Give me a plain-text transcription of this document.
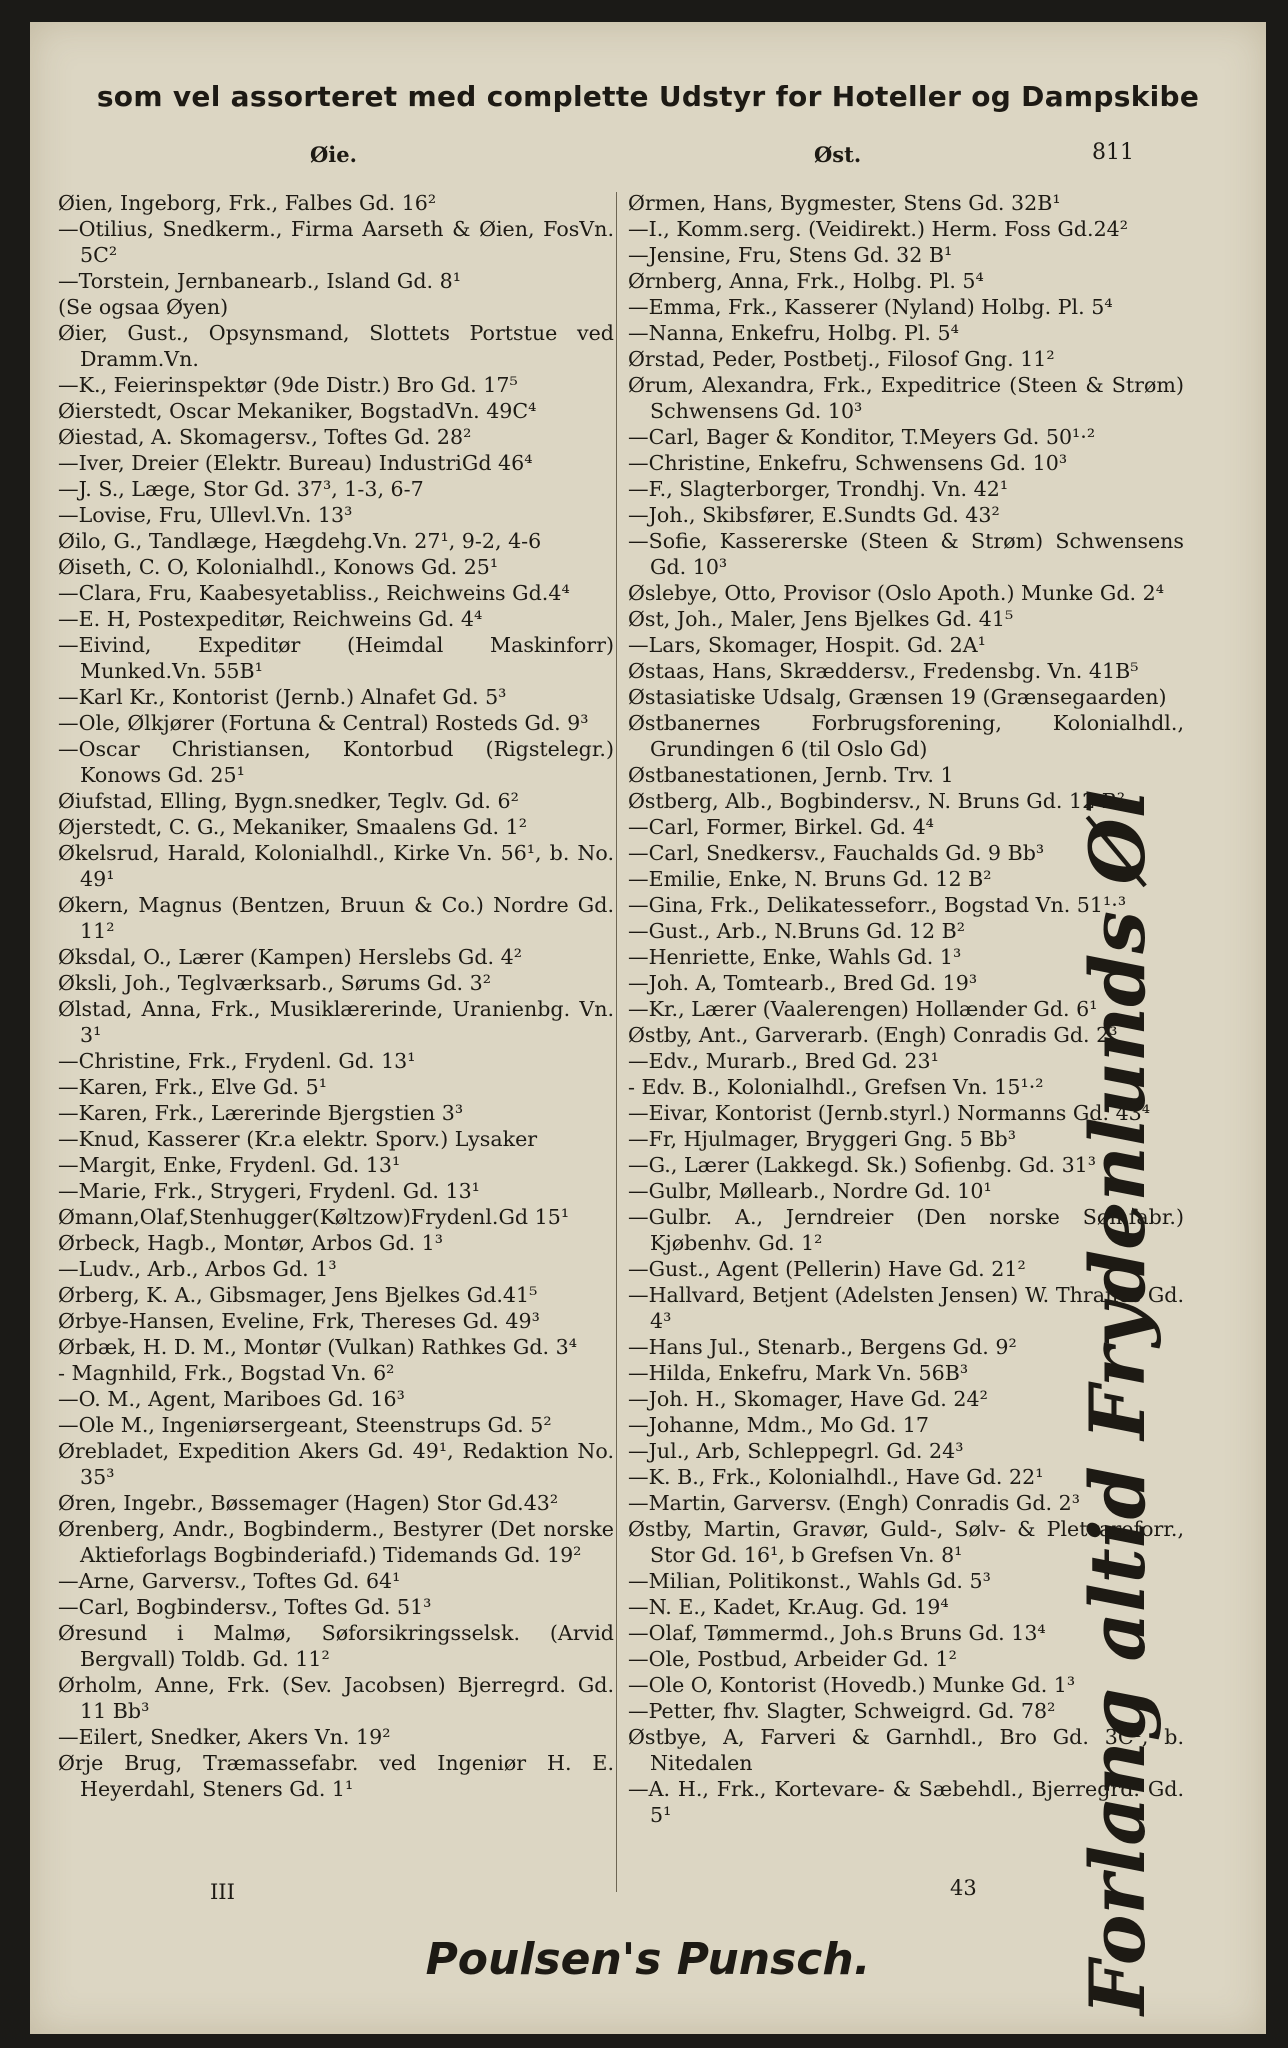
som vel assorteret med complette Udstyr for Hoteller og Dampskibe
Øie.	Øst.	811
Øien, Ingeborg, Frk., Falbes Gd. 16²
—Otilius, Snedkerm., Firma Aarseth & Øien, FosVn. 5C²
—Torstein, Jernbanearb., Island Gd. 8¹
(Se ogsaa Øyen)
Øier, Gust., Opsynsmand, Slottets Portstue ved Dramm.Vn.
—K., Feierinspektør (9de Distr.) Bro Gd. 17⁵
Øierstedt, Oscar Mekaniker, BogstadVn. 49C⁴
Øiestad, A. Skomagersv., Toftes Gd. 28²
—Iver, Dreier (Elektr. Bureau) IndustriGd 46⁴
—J. S., Læge, Stor Gd. 37³, 1-3, 6-7
—Lovise, Fru, Ullevl.Vn. 13³
Øilo, G., Tandlæge, Hægdehg.Vn. 27¹, 9-2, 4-6
Øiseth, C. O, Kolonialhdl., Konows Gd. 25¹
—Clara, Fru, Kaabesyetabliss., Reichweins Gd.4⁴
—E. H, Postexpeditør, Reichweins Gd. 4⁴
—Eivind, Expeditør (Heimdal Maskinforr) Munked.Vn. 55B¹
—Karl Kr., Kontorist (Jernb.) Alnafet Gd. 5³
—Ole, Ølkjører (Fortuna & Central) Rosteds Gd. 9³
—Oscar Christiansen, Kontorbud (Rigstelegr.) Konows Gd. 25¹
Øiufstad, Elling, Bygn.snedker, Teglv. Gd. 6²
Øjerstedt, C. G., Mekaniker, Smaalens Gd. 1²
Økelsrud, Harald, Kolonialhdl., Kirke Vn. 56¹, b. No. 49¹
Økern, Magnus (Bentzen, Bruun & Co.) Nordre Gd. 11²
Øksdal, O., Lærer (Kampen) Herslebs Gd. 4²
Øksli, Joh., Teglværksarb., Sørums Gd. 3²
Ølstad, Anna, Frk., Musiklærerinde, Uranienbg. Vn. 3¹
—Christine, Frk., Frydenl. Gd. 13¹
—Karen, Frk., Elve Gd. 5¹
—Karen, Frk., Lærerinde Bjergstien 3³
—Knud, Kasserer (Kr.a elektr. Sporv.) Lysaker
—Margit, Enke, Frydenl. Gd. 13¹
—Marie, Frk., Strygeri, Frydenl. Gd. 13¹
Ømann,Olaf,Stenhugger(Køltzow)Frydenl.Gd 15¹
Ørbeck, Hagb., Montør, Arbos Gd. 1³
—Ludv., Arb., Arbos Gd. 1³
Ørberg, K. A., Gibsmager, Jens Bjelkes Gd.41⁵
Ørbye-Hansen, Eveline, Frk, Thereses Gd. 49³
Ørbæk, H. D. M., Montør (Vulkan) Rathkes Gd. 3⁴
- Magnhild, Frk., Bogstad Vn. 6²
—O. M., Agent, Mariboes Gd. 16³
—Ole M., Ingeniørsergeant, Steenstrups Gd. 5²
Ørebladet, Expedition Akers Gd. 49¹, Redaktion No. 35³
Øren, Ingebr., Bøssemager (Hagen) Stor Gd.43²
Ørenberg, Andr., Bogbinderm., Bestyrer (Det norske Aktieforlags Bogbinderiafd.) Tidemands Gd. 19²
—Arne, Garversv., Toftes Gd. 64¹
—Carl, Bogbindersv., Toftes Gd. 51³
Øresund i Malmø, Søforsikringsselsk. (Arvid Bergvall) Toldb. Gd. 11²
Ørholm, Anne, Frk. (Sev. Jacobsen) Bjerregrd. Gd. 11 Bb³
—Eilert, Snedker, Akers Vn. 19²
Ørje Brug, Træmassefabr. ved Ingeniør H. E. Heyerdahl, Steners Gd. 1¹
Ørmen, Hans, Bygmester, Stens Gd. 32B¹
—I., Komm.serg. (Veidirekt.) Herm. Foss Gd.24²
—Jensine, Fru, Stens Gd. 32 B¹
Ørnberg, Anna, Frk., Holbg. Pl. 5⁴
—Emma, Frk., Kasserer (Nyland) Holbg. Pl. 5⁴
—Nanna, Enkefru, Holbg. Pl. 5⁴
Ørstad, Peder, Postbetj., Filosof Gng. 11²
Ørum, Alexandra, Frk., Expeditrice (Steen & Strøm) Schwensens Gd. 10³
—Carl, Bager & Konditor, T.Meyers Gd. 50¹·²
—Christine, Enkefru, Schwensens Gd. 10³
—F., Slagterborger, Trondhj. Vn. 42¹
—Joh., Skibsfører, E.Sundts Gd. 43²
—Sofie, Kassererske (Steen & Strøm) Schwensens Gd. 10³
Øslebye, Otto, Provisor (Oslo Apoth.) Munke Gd. 2⁴
Øst, Joh., Maler, Jens Bjelkes Gd. 41⁵
—Lars, Skomager, Hospit. Gd. 2A¹
Østaas, Hans, Skræddersv., Fredensbg. Vn. 41B⁵
Østasiatiske Udsalg, Grænsen 19 (Grænsegaarden)
Østbanernes Forbrugsforening, Kolonialhdl., Grundingen 6 (til Oslo Gd)
Østbanestationen, Jernb. Trv. 1
Østberg, Alb., Bogbindersv., N. Bruns Gd. 12 B²
—Carl, Former, Birkel. Gd. 4⁴
—Carl, Snedkersv., Fauchalds Gd. 9 Bb³
—Emilie, Enke, N. Bruns Gd. 12 B²
—Gina, Frk., Delikatesseforr., Bogstad Vn. 51¹·³
—Gust., Arb., N.Bruns Gd. 12 B²
—Henriette, Enke, Wahls Gd. 1³
—Joh. A, Tomtearb., Bred Gd. 19³
—Kr., Lærer (Vaalerengen) Hollænder Gd. 6¹
Østby, Ant., Garverarb. (Engh) Conradis Gd. 2³
—Edv., Murarb., Bred Gd. 23¹
- Edv. B., Kolonialhdl., Grefsen Vn. 15¹·²
—Eivar, Kontorist (Jernb.styrl.) Normanns Gd. 43⁴
—Fr, Hjulmager, Bryggeri Gng. 5 Bb³
—G., Lærer (Lakkegd. Sk.) Sofienbg. Gd. 31³
—Gulbr, Møllearb., Nordre Gd. 10¹
—Gulbr. A., Jerndreier (Den norske Sømfabr.) Kjøbenhv. Gd. 1²
—Gust., Agent (Pellerin) Have Gd. 21²
—Hallvard, Betjent (Adelsten Jensen) W. Thranes Gd. 4³
—Hans Jul., Stenarb., Bergens Gd. 9²
—Hilda, Enkefru, Mark Vn. 56B³
—Joh. H., Skomager, Have Gd. 24²
—Johanne, Mdm., Mo Gd. 17
—Jul., Arb, Schleppegrl. Gd. 24³
—K. B., Frk., Kolonialhdl., Have Gd. 22¹
—Martin, Garversv. (Engh) Conradis Gd. 2³
Østby, Martin, Gravør, Guld-, Sølv- & Pletvareforr., Stor Gd. 16¹, b Grefsen Vn. 8¹
—Milian, Politikonst., Wahls Gd. 5³
—N. E., Kadet, Kr.Aug. Gd. 19⁴
—Olaf, Tømmermd., Joh.s Bruns Gd. 13⁴
—Ole, Postbud, Arbeider Gd. 1²
—Ole O, Kontorist (Hovedb.) Munke Gd. 1³
—Petter, fhv. Slagter, Schweigrd. Gd. 78²
Østbye, A, Farveri & Garnhdl., Bro Gd. 3C¹, b. Nitedalen
—A. H., Frk., Kortevare- & Sæbehdl., Bjerregrd. Gd. 5¹	Forlang altid Frydenlunds Øl
III	43
Poulsen's Punsch.
